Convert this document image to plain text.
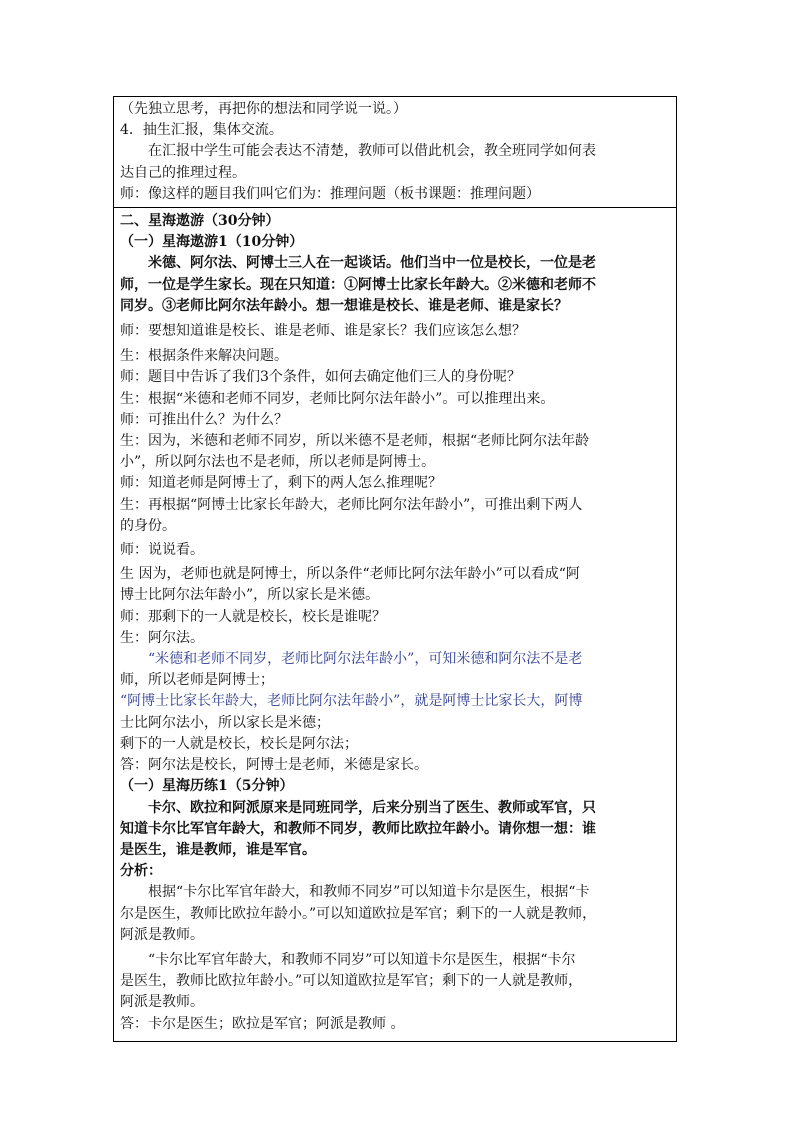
（先独立思考，再把你的想法和同学说一说。）
4．抽生汇报，集体交流。
在汇报中学生可能会表达不清楚，教师可以借此机会，教全班同学如何表
达自己的推理过程。
师：像这样的题目我们叫它们为：推理问题（板书课题：推理问题）
二、星海遨游（30分钟）
（一）星海遨游1（10分钟）
米德、阿尔法、阿博士三人在一起谈话。他们当中一位是校长，一位是老
师，一位是学生家长。现在只知道：①阿博士比家长年龄大。②米德和老师不
同岁。③老师比阿尔法年龄小。想一想谁是校长、谁是老师、谁是家长？
师：要想知道谁是校长、谁是老师、谁是家长？我们应该怎么想？
生：根据条件来解决问题。
师：题目中告诉了我们3个条件，如何去确定他们三人的身份呢？
生：根据“米德和老师不同岁，老师比阿尔法年龄小”。可以推理出来。
师：可推出什么？为什么？
生：因为，米德和老师不同岁，所以米德不是老师，根据“老师比阿尔法年龄
小”，所以阿尔法也不是老师，所以老师是阿博士。
师：知道老师是阿博士了，剩下的两人怎么推理呢？
生：再根据“阿博士比家长年龄大，老师比阿尔法年龄小”，可推出剩下两人
的身份。
师：说说看。
生 因为，老师也就是阿博士，所以条件“老师比阿尔法年龄小”可以看成“阿
博士比阿尔法年龄小”，所以家长是米德。
师：那剩下的一人就是校长，校长是谁呢？
生：阿尔法。
“米德和老师不同岁，老师比阿尔法年龄小”，可知米德和阿尔法不是老
师，所以老师是阿博士；
“阿博士比家长年龄大，老师比阿尔法年龄小”，就是阿博士比家长大，阿博
士比阿尔法小，所以家长是米德；
剩下的一人就是校长，校长是阿尔法；
答：阿尔法是校长，阿博士是老师，米德是家长。
（一）星海历练1（5分钟）
卡尔、欧拉和阿派原来是同班同学，后来分别当了医生、教师或军官，只
知道卡尔比军官年龄大，和教师不同岁，教师比欧拉年龄小。请你想一想：谁
是医生，谁是教师，谁是军官。
分析：
根据“卡尔比军官年龄大，和教师不同岁”可以知道卡尔是医生，根据“卡
尔是医生，教师比欧拉年龄小。”可以知道欧拉是军官；剩下的一人就是教师，
阿派是教师。
“卡尔比军官年龄大，和教师不同岁”可以知道卡尔是医生，根据“卡尔
是医生，教师比欧拉年龄小。”可以知道欧拉是军官；剩下的一人就是教师，
阿派是教师。
答：卡尔是医生；欧拉是军官；阿派是教师 。
